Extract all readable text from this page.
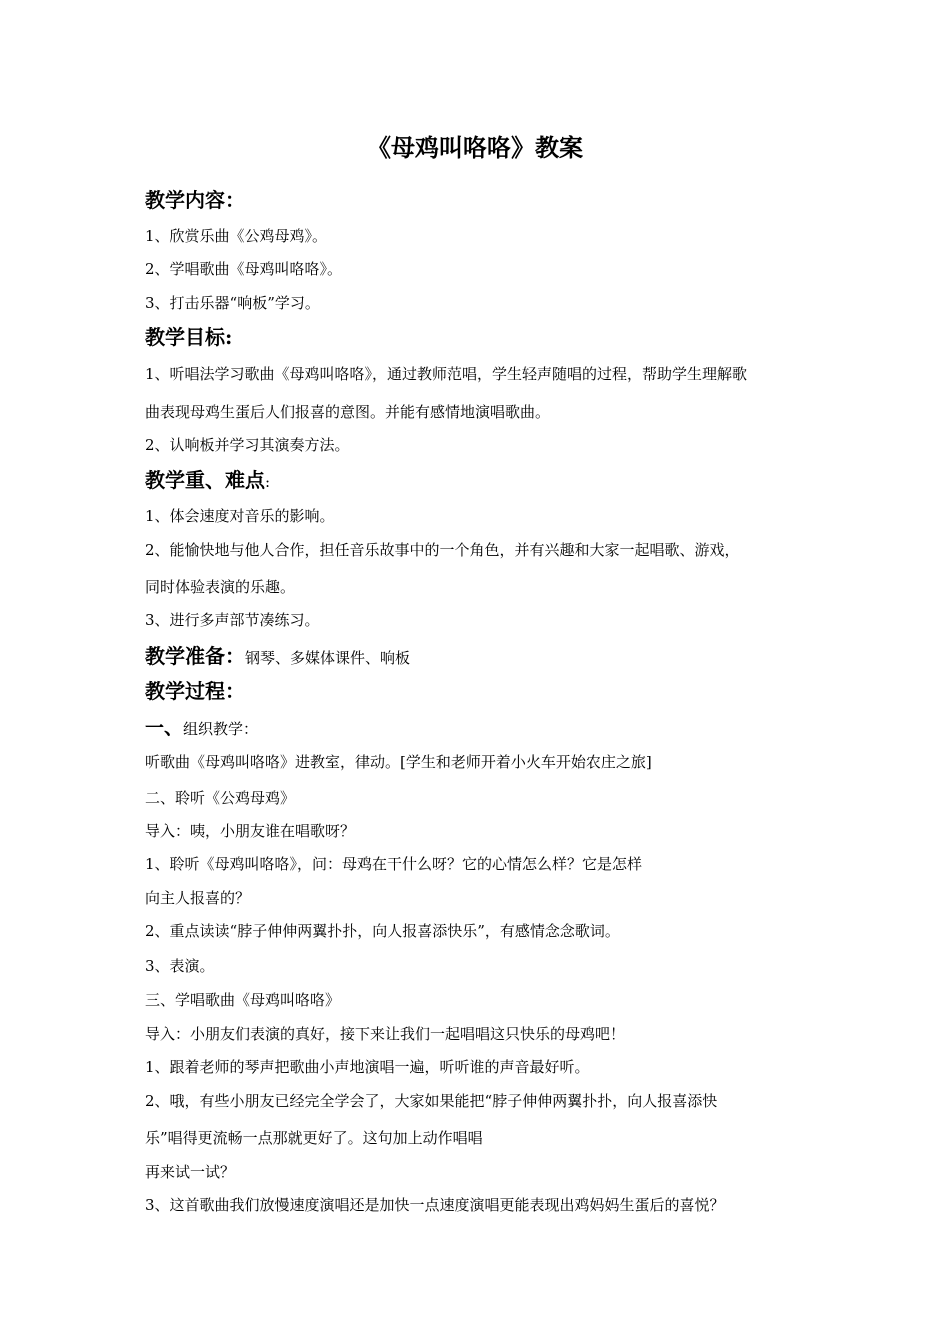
《母鸡叫咯咯》教案
教学内容：
1、欣赏乐曲《公鸡母鸡》。
2、学唱歌曲《母鸡叫咯咯》。
3、打击乐器“响板”学习。
教学目标:
1、听唱法学习歌曲《母鸡叫咯咯》，通过教师范唱，学生轻声随唱的过程，帮助学生理解歌
曲表现母鸡生蛋后人们报喜的意图。并能有感情地演唱歌曲。
2、认响板并学习其演奏方法。
教学重、难点:
1、体会速度对音乐的影响。
2、能愉快地与他人合作，担任音乐故事中的一个角色，并有兴趣和大家一起唱歌、游戏，
同时体验表演的乐趣。
3、进行多声部节凑练习。
教学准备：钢琴、多媒体课件、响板
教学过程：
一、组织教学：
听歌曲《母鸡叫咯咯》进教室，律动。[学生和老师开着小火车开始农庄之旅]
二、聆听《公鸡母鸡》
导入：咦，小朋友谁在唱歌呀？
1、聆听《母鸡叫咯咯》，问：母鸡在干什么呀？它的心情怎么样？它是怎样
向主人报喜的？
2、重点读读“脖子伸伸两翼扑扑，向人报喜添快乐”，有感情念念歌词。
3、表演。
三、学唱歌曲《母鸡叫咯咯》
导入：小朋友们表演的真好，接下来让我们一起唱唱这只快乐的母鸡吧！
1、跟着老师的琴声把歌曲小声地演唱一遍，听听谁的声音最好听。
2、哦，有些小朋友已经完全学会了，大家如果能把“脖子伸伸两翼扑扑，向人报喜添快
乐”唱得更流畅一点那就更好了。这句加上动作唱唱
再来试一试？
3、这首歌曲我们放慢速度演唱还是加快一点速度演唱更能表现出鸡妈妈生蛋后的喜悦？
